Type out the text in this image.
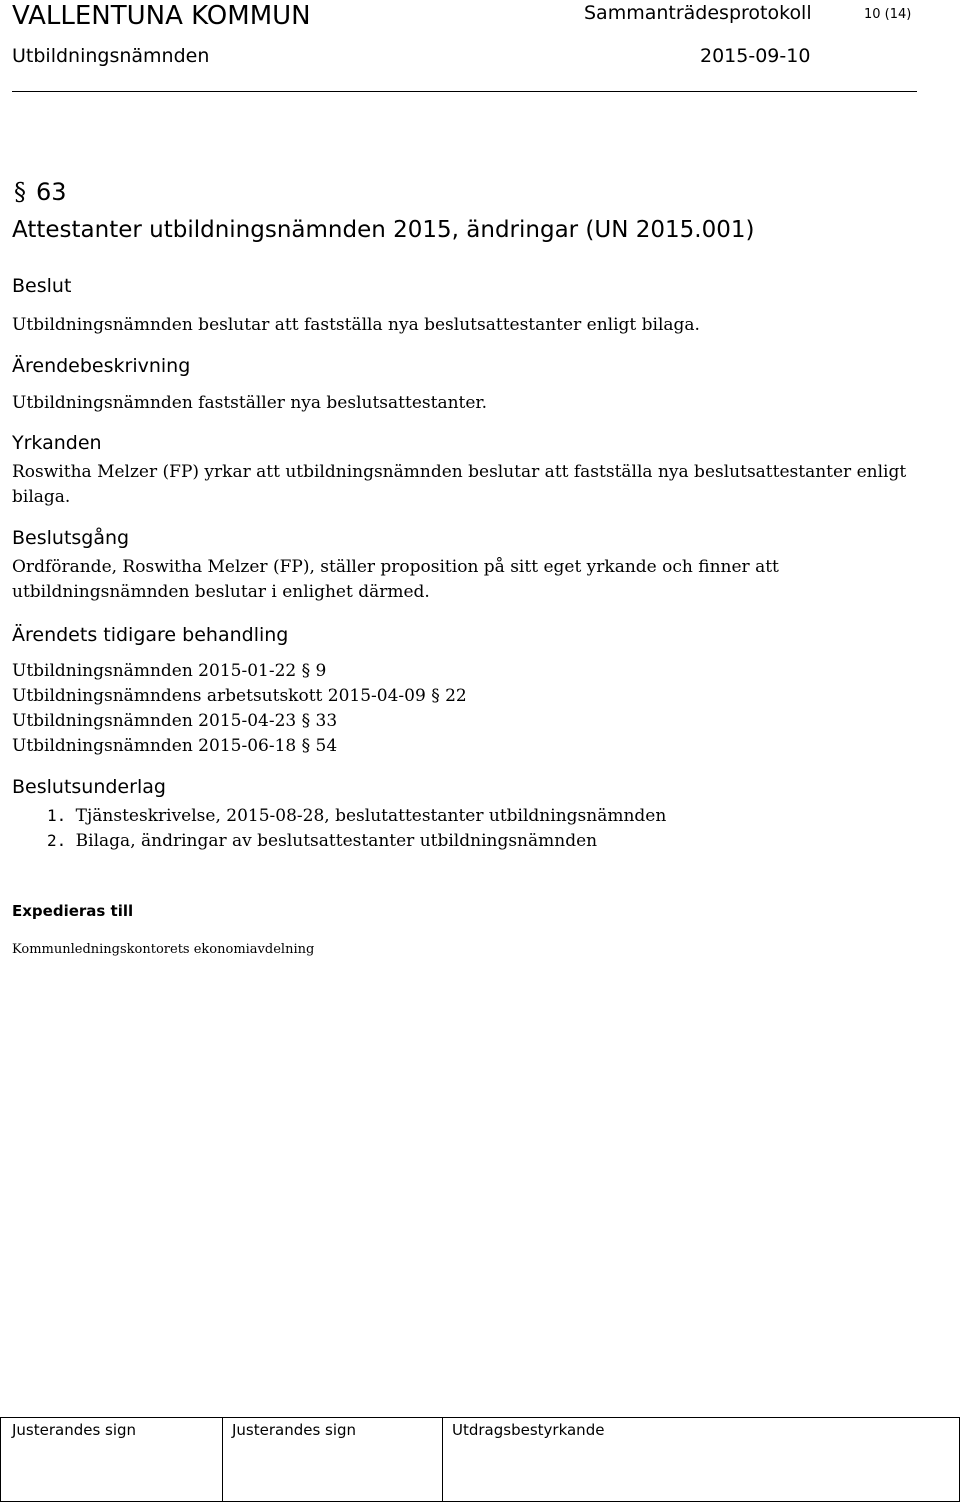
VALLENTUNA KOMMUN	Sammanträdesprotokoll	10 (14)
Utbildningsnämnden	2015-09-10
§ 63
Attestanter utbildningsnämnden 2015, ändringar (UN 2015.001)
Beslut
Utbildningsnämnden beslutar att fastställa nya beslutsattestanter enligt bilaga.
Ärendebeskrivning
Utbildningsnämnden fastställer nya beslutsattestanter.
Yrkanden
Roswitha Melzer (FP) yrkar att utbildningsnämnden beslutar att fastställa nya beslutsattestanter enligt
bilaga.
Beslutsgång
Ordförande, Roswitha Melzer (FP), ställer proposition på sitt eget yrkande och finner att
utbildningsnämnden beslutar i enlighet därmed.
Ärendets tidigare behandling
Utbildningsnämnden 2015-01-22 § 9
Utbildningsnämndens arbetsutskott 2015-04-09 § 22
Utbildningsnämnden 2015-04-23 § 33
Utbildningsnämnden 2015-06-18 § 54
Beslutsunderlag
1. Tjänsteskrivelse, 2015-08-28, beslutattestanter utbildningsnämnden
2. Bilaga, ändringar av beslutsattestanter utbildningsnämnden
Expedieras till
Kommunledningskontorets ekonomiavdelning
Justerandes sign	Justerandes sign	Utdragsbestyrkande
